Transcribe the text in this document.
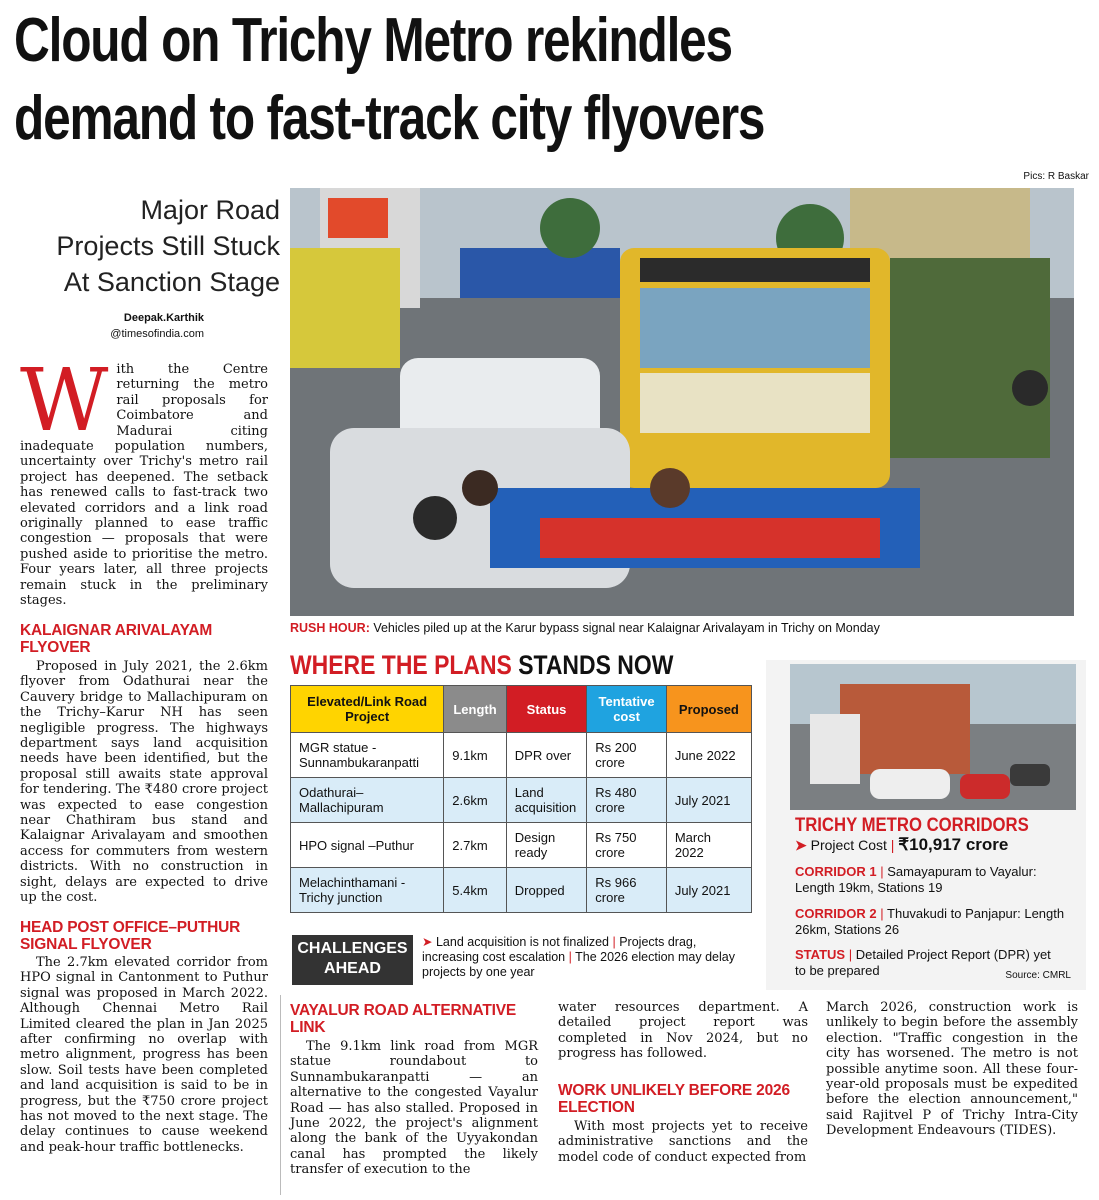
Cloud on Trichy Metro rekindles
demand to fast-track city flyovers
Pics: R Baskar
Major Road
Projects Still Stuck
At Sanction Stage
Deepak.Karthik
@timesofindia.com
With the Centre returning the metro rail proposals for Coimbatore and Madurai citing inadequate population numbers, uncertainty over Trichy's metro rail project has deepened. The setback has renewed calls to fast-track two elevated corridors and a link road originally planned to ease traffic congestion — proposals that were pushed aside to prioritise the metro. Four years later, all three projects remain stuck in the preliminary stages.
KALAIGNAR ARIVALAYAM FLYOVER
Proposed in July 2021, the 2.6km flyover from Odathurai near the Cauvery bridge to Mallachipuram on the Trichy–Karur NH has seen negligible progress. The highways department says land acquisition needs have been identified, but the proposal still awaits state approval for tendering. The ₹480 crore project was expected to ease congestion near Chathiram bus stand and Kalaignar Arivalayam and smoothen access for commuters from western districts. With no construction in sight, delays are expected to drive up the cost.
HEAD POST OFFICE–PUTHUR SIGNAL FLYOVER
The 2.7km elevated corridor from HPO signal in Cantonment to Puthur signal was proposed in March 2022. Although Chennai Metro Rail Limited cleared the plan in Jan 2025 after confirming no overlap with metro alignment, progress has been slow. Soil tests have been completed and land acquisition is said to be in progress, but the ₹750 crore project has not moved to the next stage. The delay continues to cause weekend and peak-hour traffic bottlenecks.
RUSH HOUR: Vehicles piled up at the Karur bypass signal near Kalaignar Arivalayam in Trichy on Monday
WHERE THE PLANS STANDS NOW
Elevated/Link Road Project	Length	Status	Tentative cost	Proposed
MGR statue - Sunnambukaranpatti	9.1km	DPR over	Rs 200 crore	June 2022
Odathurai–Mallachipuram	2.6km	Land acquisition	Rs 480 crore	July 2021
HPO signal –Puthur	2.7km	Design ready	Rs 750 crore	March 2022
Melachinthamani - Trichy junction	5.4km	Dropped	Rs 966 crore	July 2021
CHALLENGES AHEAD
➤ Land acquisition is not finalized | Projects drag, increasing cost escalation | The 2026 election may delay projects by one year
TRICHY METRO CORRIDORS
➤ Project Cost | ₹10,917 crore
CORRIDOR 1 | Samayapuram to Vayalur: Length 19km, Stations 19
CORRIDOR 2 | Thuvakudi to Panjapur: Length 26km, Stations 26
STATUS | Detailed Project Report (DPR) yet to be prepared	Source: CMRL
VAYALUR ROAD ALTERNATIVE LINK
The 9.1km link road from MGR statue roundabout to Sunnambukaranpatti — an alternative to the congested Vayalur Road — has also stalled. Proposed in June 2022, the project's alignment along the bank of the Uyyakondan canal has prompted the likely transfer of execution to the
water resources department. A detailed project report was completed in Nov 2024, but no progress has followed.
WORK UNLIKELY BEFORE 2026 ELECTION
With most projects yet to receive administrative sanctions and the model code of conduct expected from
March 2026, construction work is unlikely to begin before the assembly election. "Traffic congestion in the city has worsened. The metro is not possible anytime soon. All these four-year-old proposals must be expedited before the election announcement," said Rajitvel P of Trichy Intra-City Development Endeavours (TIDES).
